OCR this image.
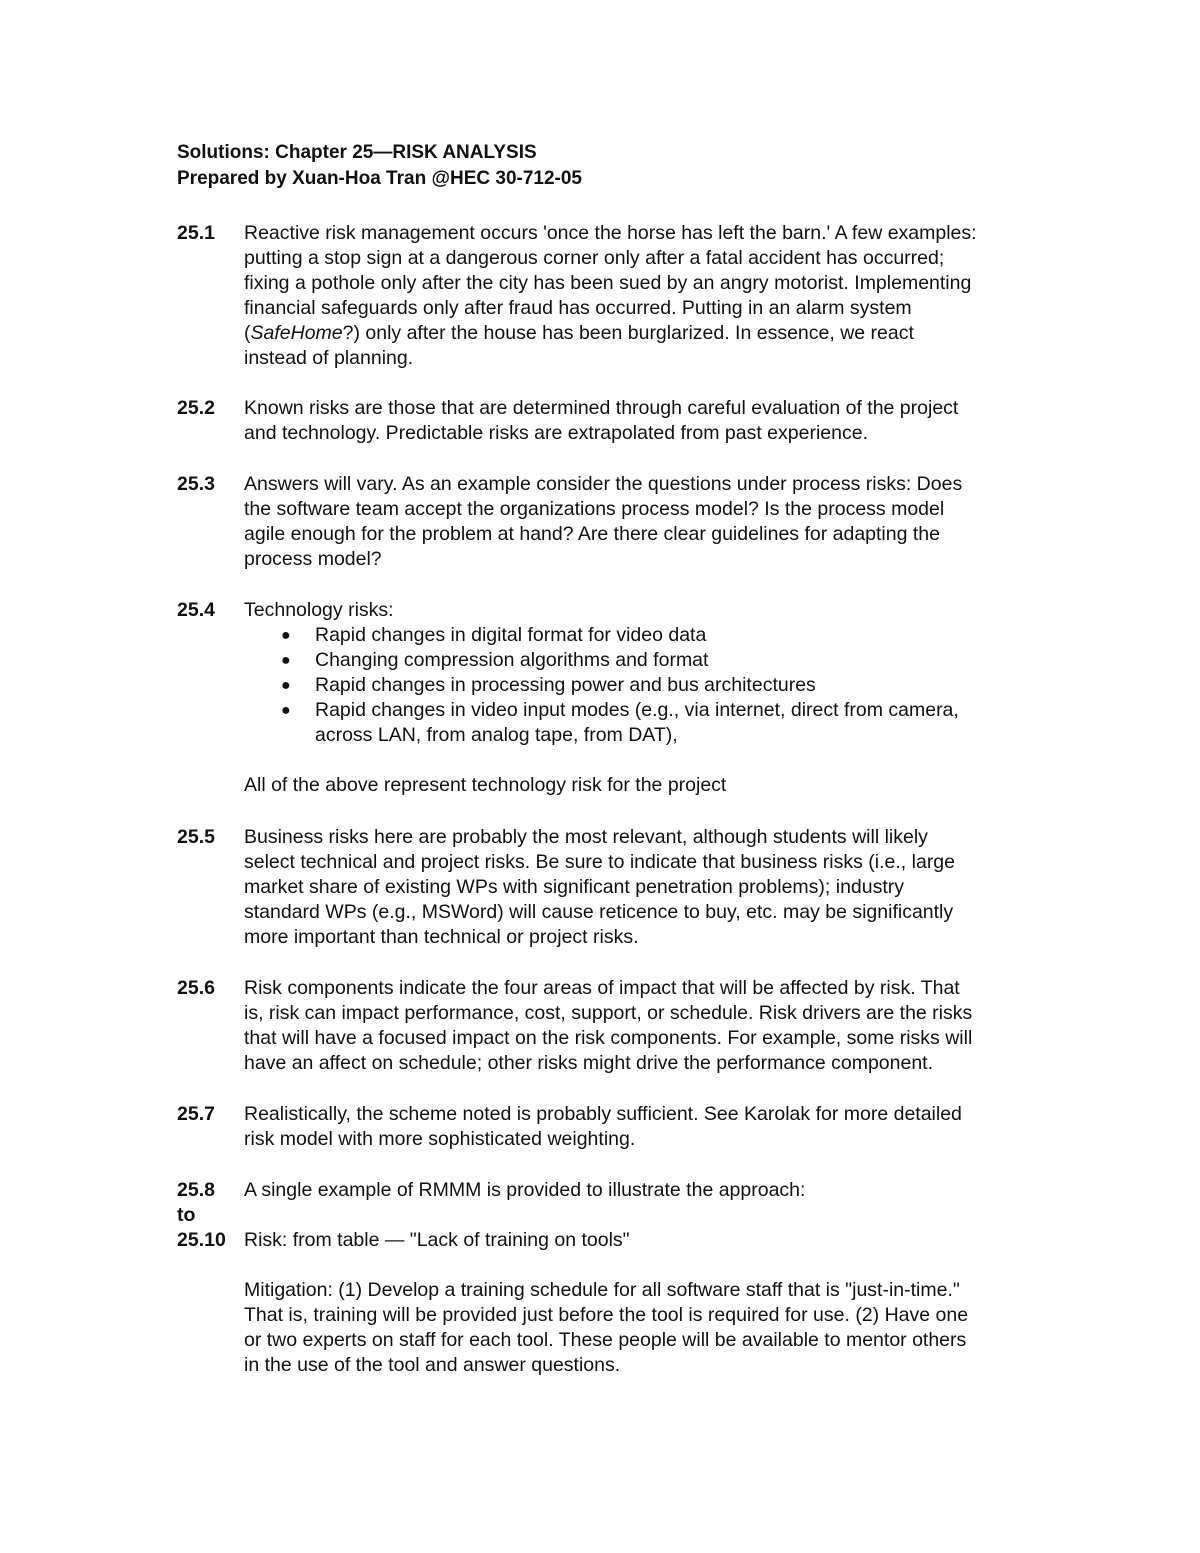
Solutions: Chapter 25—RISK ANALYSIS
Prepared by Xuan-Hoa Tran @HEC 30-712-05
25.1 Reactive risk management occurs 'once the horse has left the barn.' A few examples:
putting a stop sign at a dangerous corner only after a fatal accident has occurred;
fixing a pothole only after the city has been sued by an angry motorist. Implementing
financial safeguards only after fraud has occurred. Putting in an alarm system
(SafeHome?) only after the house has been burglarized. In essence, we react
instead of planning.
25.2 Known risks are those that are determined through careful evaluation of the project
and technology. Predictable risks are extrapolated from past experience.
25.3 Answers will vary. As an example consider the questions under process risks: Does
the software team accept the organizations process model? Is the process model
agile enough for the problem at hand? Are there clear guidelines for adapting the
process model?
25.4 Technology risks:
● Rapid changes in digital format for video data
● Changing compression algorithms and format
● Rapid changes in processing power and bus architectures
● Rapid changes in video input modes (e.g., via internet, direct from camera,
across LAN, from analog tape, from DAT),
All of the above represent technology risk for the project
25.5 Business risks here are probably the most relevant, although students will likely
select technical and project risks. Be sure to indicate that business risks (i.e., large
market share of existing WPs with significant penetration problems); industry
standard WPs (e.g., MSWord) will cause reticence to buy, etc. may be significantly
more important than technical or project risks.
25.6 Risk components indicate the four areas of impact that will be affected by risk. That
is, risk can impact performance, cost, support, or schedule. Risk drivers are the risks
that will have a focused impact on the risk components. For example, some risks will
have an affect on schedule; other risks might drive the performance component.
25.7 Realistically, the scheme noted is probably sufficient. See Karolak for more detailed
risk model with more sophisticated weighting.
25.8
to
25.10
A single example of RMMM is provided to illustrate the approach:
Risk: from table — "Lack of training on tools"
Mitigation: (1) Develop a training schedule for all software staff that is "just-in-time."
That is, training will be provided just before the tool is required for use. (2) Have one
or two experts on staff for each tool. These people will be available to mentor others
in the use of the tool and answer questions.
